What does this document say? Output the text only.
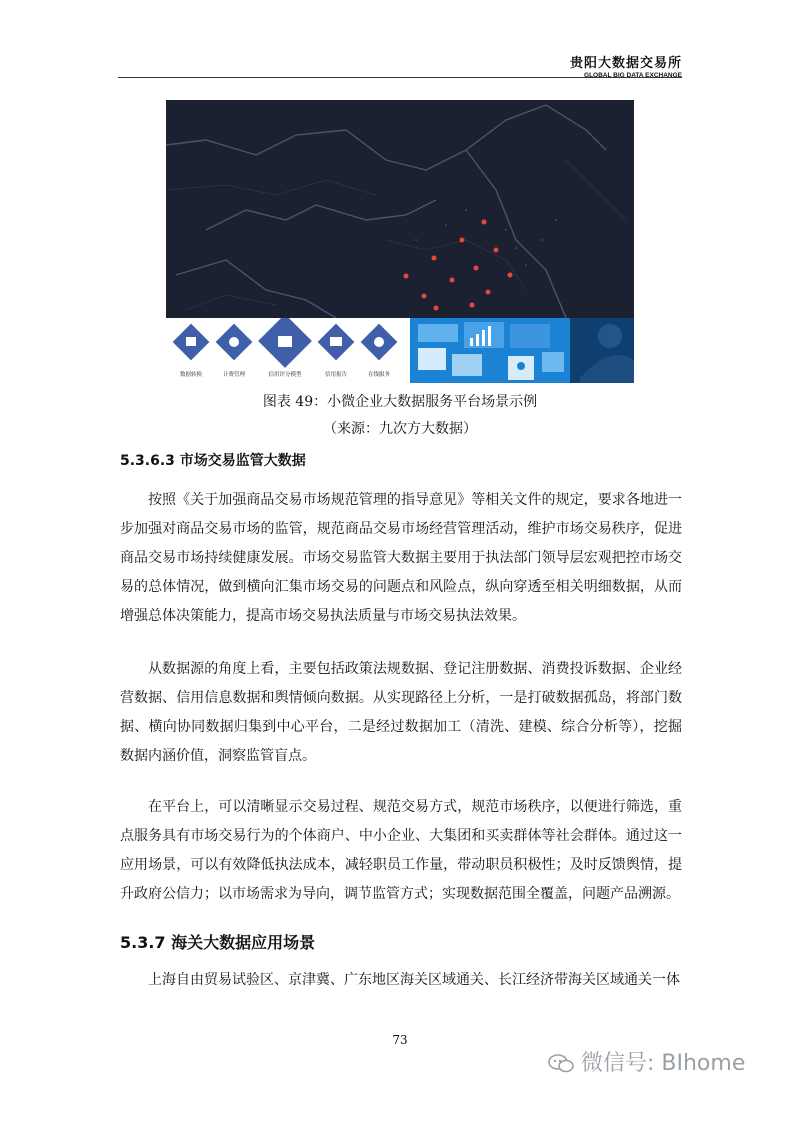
贵阳大数据交易所
GLOBAL BIG DATA EXCHANGE
数据转换	计费管理	信用评分模型	信用报告	在线服务
图表 49：小微企业大数据服务平台场景示例
（来源：九次方大数据）
5.3.6.3 市场交易监管大数据
按照《关于加强商品交易市场规范管理的指导意见》等相关文件的规定，要求各地进一步加强对商品交易市场的监管，规范商品交易市场经营管理活动，维护市场交易秩序，促进商品交易市场持续健康发展。市场交易监管大数据主要用于执法部门领导层宏观把控市场交易的总体情况，做到横向汇集市场交易的问题点和风险点，纵向穿透至相关明细数据，从而增强总体决策能力，提高市场交易执法质量与市场交易执法效果。
从数据源的角度上看，主要包括政策法规数据、登记注册数据、消费投诉数据、企业经营数据、信用信息数据和舆情倾向数据。从实现路径上分析，一是打破数据孤岛，将部门数据、横向协同数据归集到中心平台，二是经过数据加工（清洗、建模、综合分析等），挖掘数据内涵价值，洞察监管盲点。
在平台上，可以清晰显示交易过程、规范交易方式，规范市场秩序，以便进行筛选，重点服务具有市场交易行为的个体商户、中小企业、大集团和买卖群体等社会群体。通过这一应用场景，可以有效降低执法成本，减轻职员工作量，带动职员积极性；及时反馈舆情，提升政府公信力；以市场需求为导向，调节监管方式；实现数据范围全覆盖，问题产品溯源。
5.3.7 海关大数据应用场景
上海自由贸易试验区、京津冀、广东地区海关区域通关、长江经济带海关区域通关一体
73
微信号: BIhome
